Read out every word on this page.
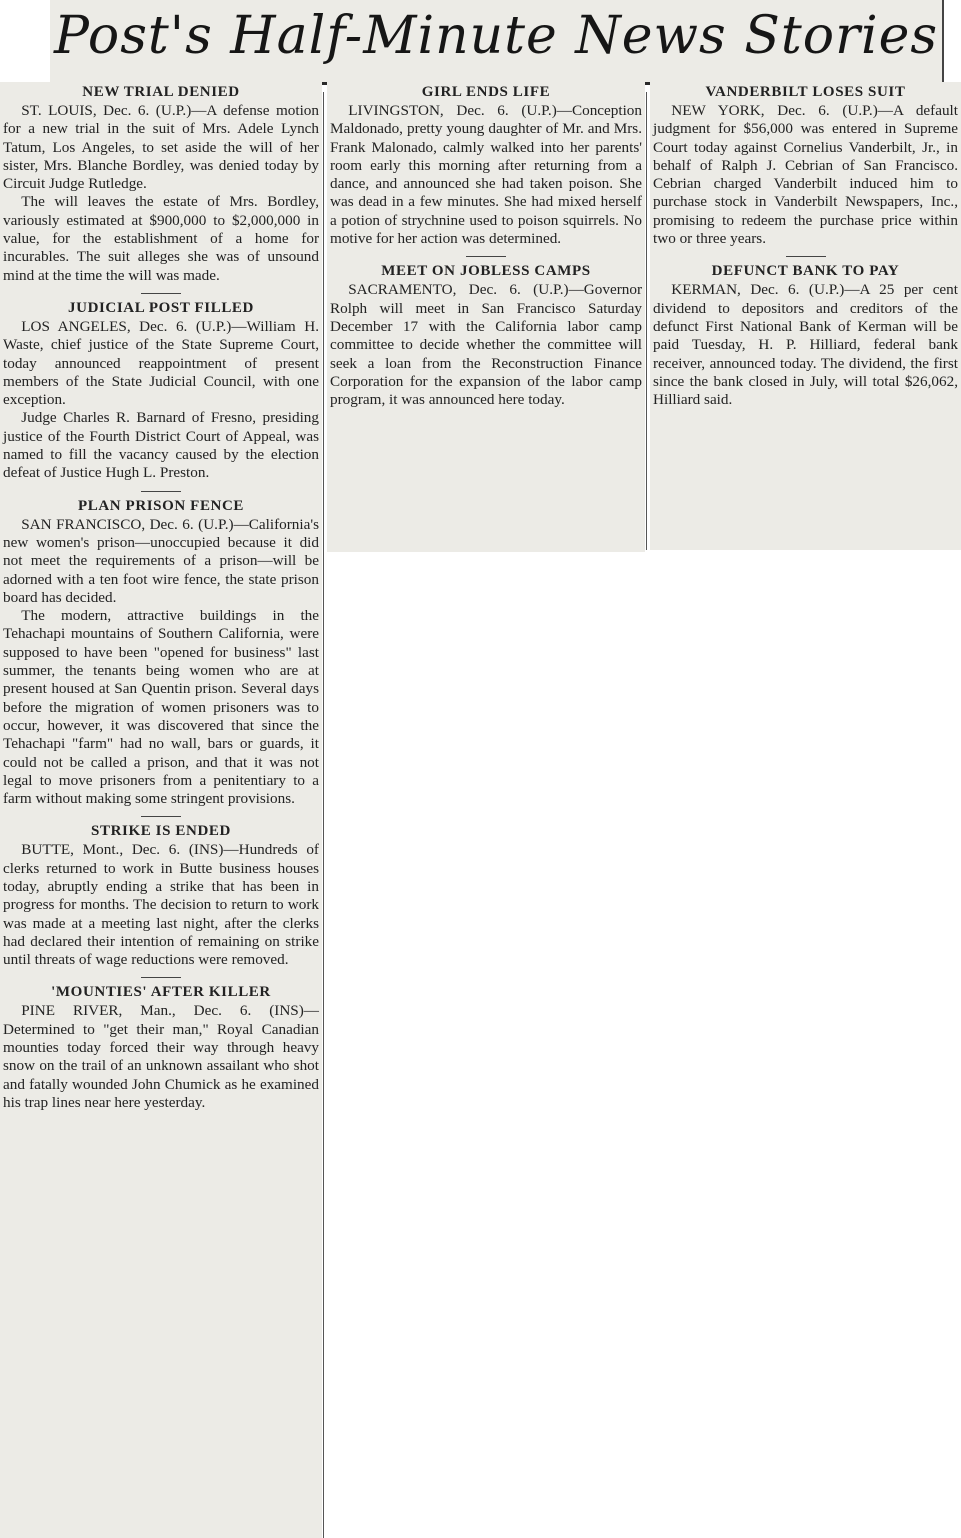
Post's Half-Minute News Stories
NEW TRIAL DENIED

ST. LOUIS, Dec. 6. (U.P.)—A defense motion for a new trial in the suit of Mrs. Adele Lynch Tatum, Los Angeles, to set aside the will of her sister, Mrs. Blanche Bordley, was denied today by Circuit Judge Rutledge.

The will leaves the estate of Mrs. Bordley, variously estimated at $900,000 to $2,000,000 in value, for the establishment of a home for incurables. The suit alleges she was of unsound mind at the time the will was made.

JUDICIAL POST FILLED

LOS ANGELES, Dec. 6. (U.P.)—William H. Waste, chief justice of the State Supreme Court, today announced reappointment of present members of the State Judicial Council, with one exception.

Judge Charles R. Barnard of Fresno, presiding justice of the Fourth District Court of Appeal, was named to fill the vacancy caused by the election defeat of Justice Hugh L. Preston.

PLAN PRISON FENCE

SAN FRANCISCO, Dec. 6. (U.P.)—California's new women's prison—unoccupied because it did not meet the requirements of a prison—will be adorned with a ten foot wire fence, the state prison board has decided.

The modern, attractive buildings in the Tehachapi mountains of Southern California, were supposed to have been "opened for business" last summer, the tenants being women who are at present housed at San Quentin prison. Several days before the migration of women prisoners was to occur, however, it was discovered that since the Tehachapi "farm" had no wall, bars or guards, it could not be called a prison, and that it was not legal to move prisoners from a penitentiary to a farm without making some stringent provisions.

STRIKE IS ENDED

BUTTE, Mont., Dec. 6. (INS)—Hundreds of clerks returned to work in Butte business houses today, abruptly ending a strike that has been in progress for months. The decision to return to work was made at a meeting last night, after the clerks had declared their intention of remaining on strike until threats of wage reductions were removed.

'MOUNTIES' AFTER KILLER

PINE RIVER, Man., Dec. 6. (INS)—Determined to "get their man," Royal Canadian mounties today forced their way through heavy snow on the trail of an unknown assailant who shot and fatally wounded John Chumick as he examined his trap lines near here yesterday.

GIRL ENDS LIFE

LIVINGSTON, Dec. 6. (U.P.)—Conception Maldonado, pretty young daughter of Mr. and Mrs. Frank Malonado, calmly walked into her parents' room early this morning after returning from a dance, and announced she had taken poison. She was dead in a few minutes. She had mixed herself a potion of strychnine used to poison squirrels. No motive for her action was determined.

MEET ON JOBLESS CAMPS

SACRAMENTO, Dec. 6. (U.P.)—Governor Rolph will meet in San Francisco Saturday December 17 with the California labor camp committee to decide whether the committee will seek a loan from the Reconstruction Finance Corporation for the expansion of the labor camp program, it was announced here today.

VANDERBILT LOSES SUIT

NEW YORK, Dec. 6. (U.P.)—A default judgment for $56,000 was entered in Supreme Court today against Cornelius Vanderbilt, Jr., in behalf of Ralph J. Cebrian of San Francisco. Cebrian charged Vanderbilt induced him to purchase stock in Vanderbilt Newspapers, Inc., promising to redeem the purchase price within two or three years.

DEFUNCT BANK TO PAY

KERMAN, Dec. 6. (U.P.)—A 25 per cent dividend to depositors and creditors of the defunct First National Bank of Kerman will be paid Tuesday, H. P. Hilliard, federal bank receiver, announced today. The dividend, the first since the bank closed in July, will total $26,062, Hilliard said.
